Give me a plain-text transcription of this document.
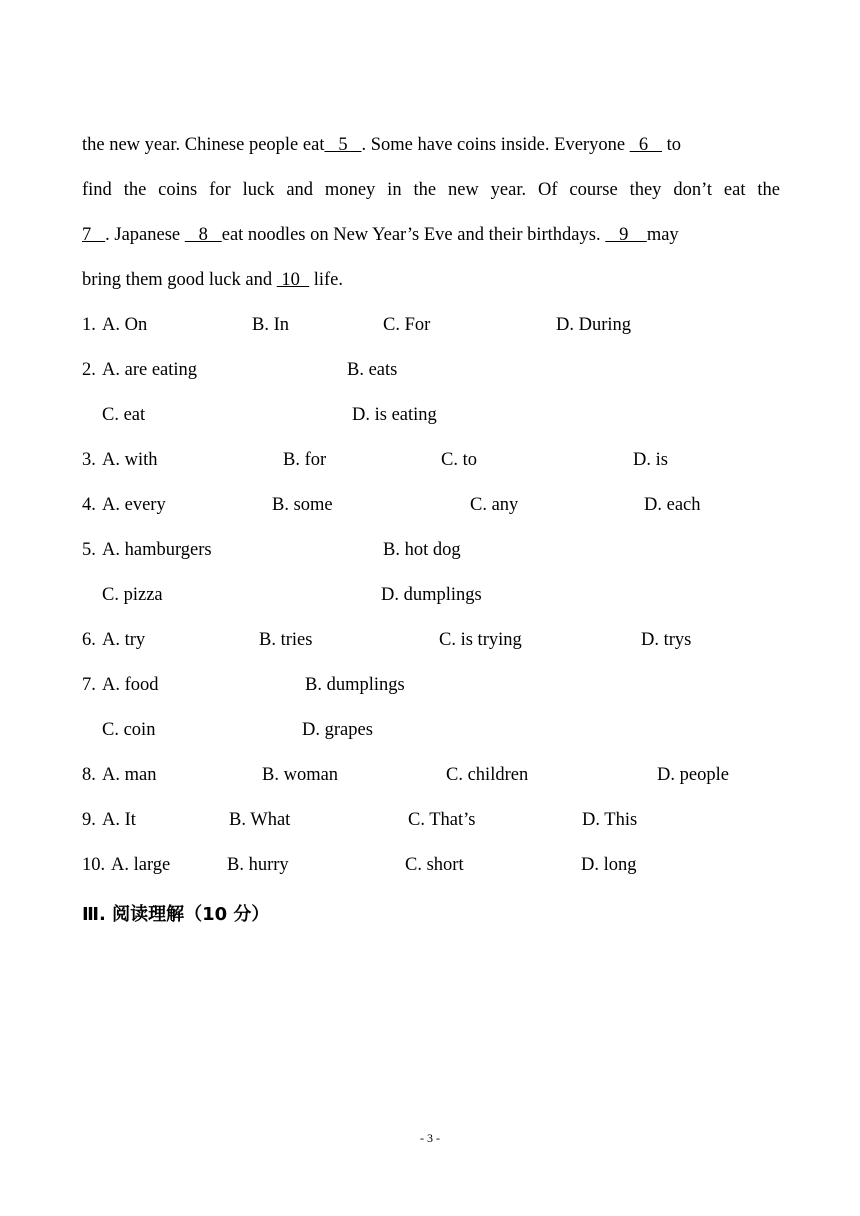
the new year. Chinese people eat   5   . Some have coins inside. Everyone   6    to
find the coins for luck and money in the new year. Of course they don’t eat the
7   . Japanese    8   eat noodles on New Year’s Eve and their birthdays.    9    may
bring them good luck and  10   life.
1. A. On	B. In	C. For	D. During
2. A. are eating	B. eats
C. eat	D. is eating
3. A. with	B. for	C. to	D. is
4. A. every	B. some	C. any	D. each
5. A. hamburgers	B. hot dog
C. pizza	D. dumplings
6. A. try	B. tries	C. is trying	D. trys
7. A. food	B. dumplings
C. coin	D. grapes
8. A. man	B. woman	C. children	D. people
9. A. It	B. What	C. That’s	D. This
10. A. large	B. hurry	C. short	D. long
Ⅲ. 阅读理解（10 分）
- 3 -
